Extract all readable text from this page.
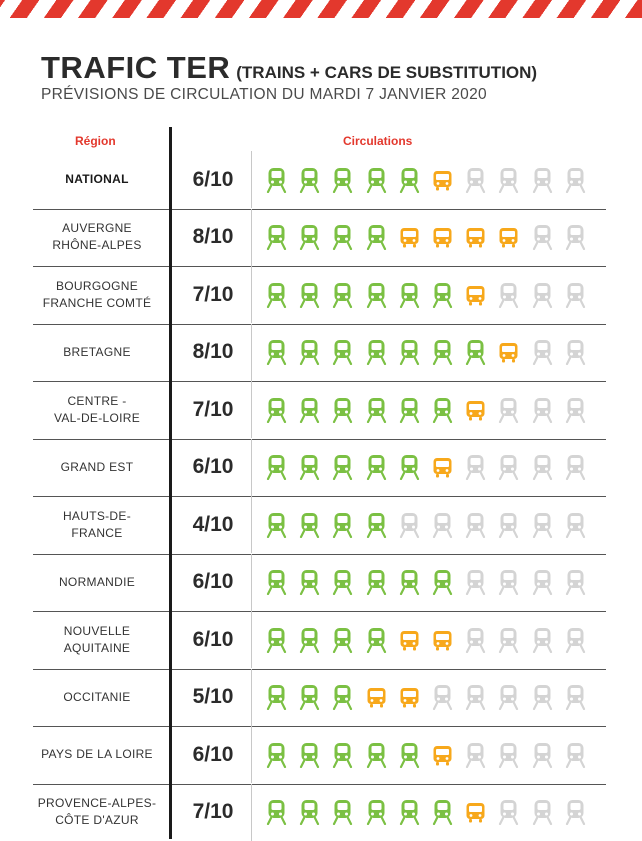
TRAFIC TER (TRAINS + CARS DE SUBSTITUTION)
PRÉVISIONS DE CIRCULATION DU MARDI 7 JANVIER 2020
Région	Circulations
NATIONAL	6/10
AUVERGNE
RHÔNE-ALPES	8/10
BOURGOGNE
FRANCHE COMTÉ	7/10
BRETAGNE	8/10
CENTRE -
VAL-DE-LOIRE	7/10
GRAND EST	6/10
HAUTS-DE-
FRANCE	4/10
NORMANDIE	6/10
NOUVELLE
AQUITAINE	6/10
OCCITANIE	5/10
PAYS DE LA LOIRE	6/10
PROVENCE-ALPES-
CÔTE D'AZUR	7/10
